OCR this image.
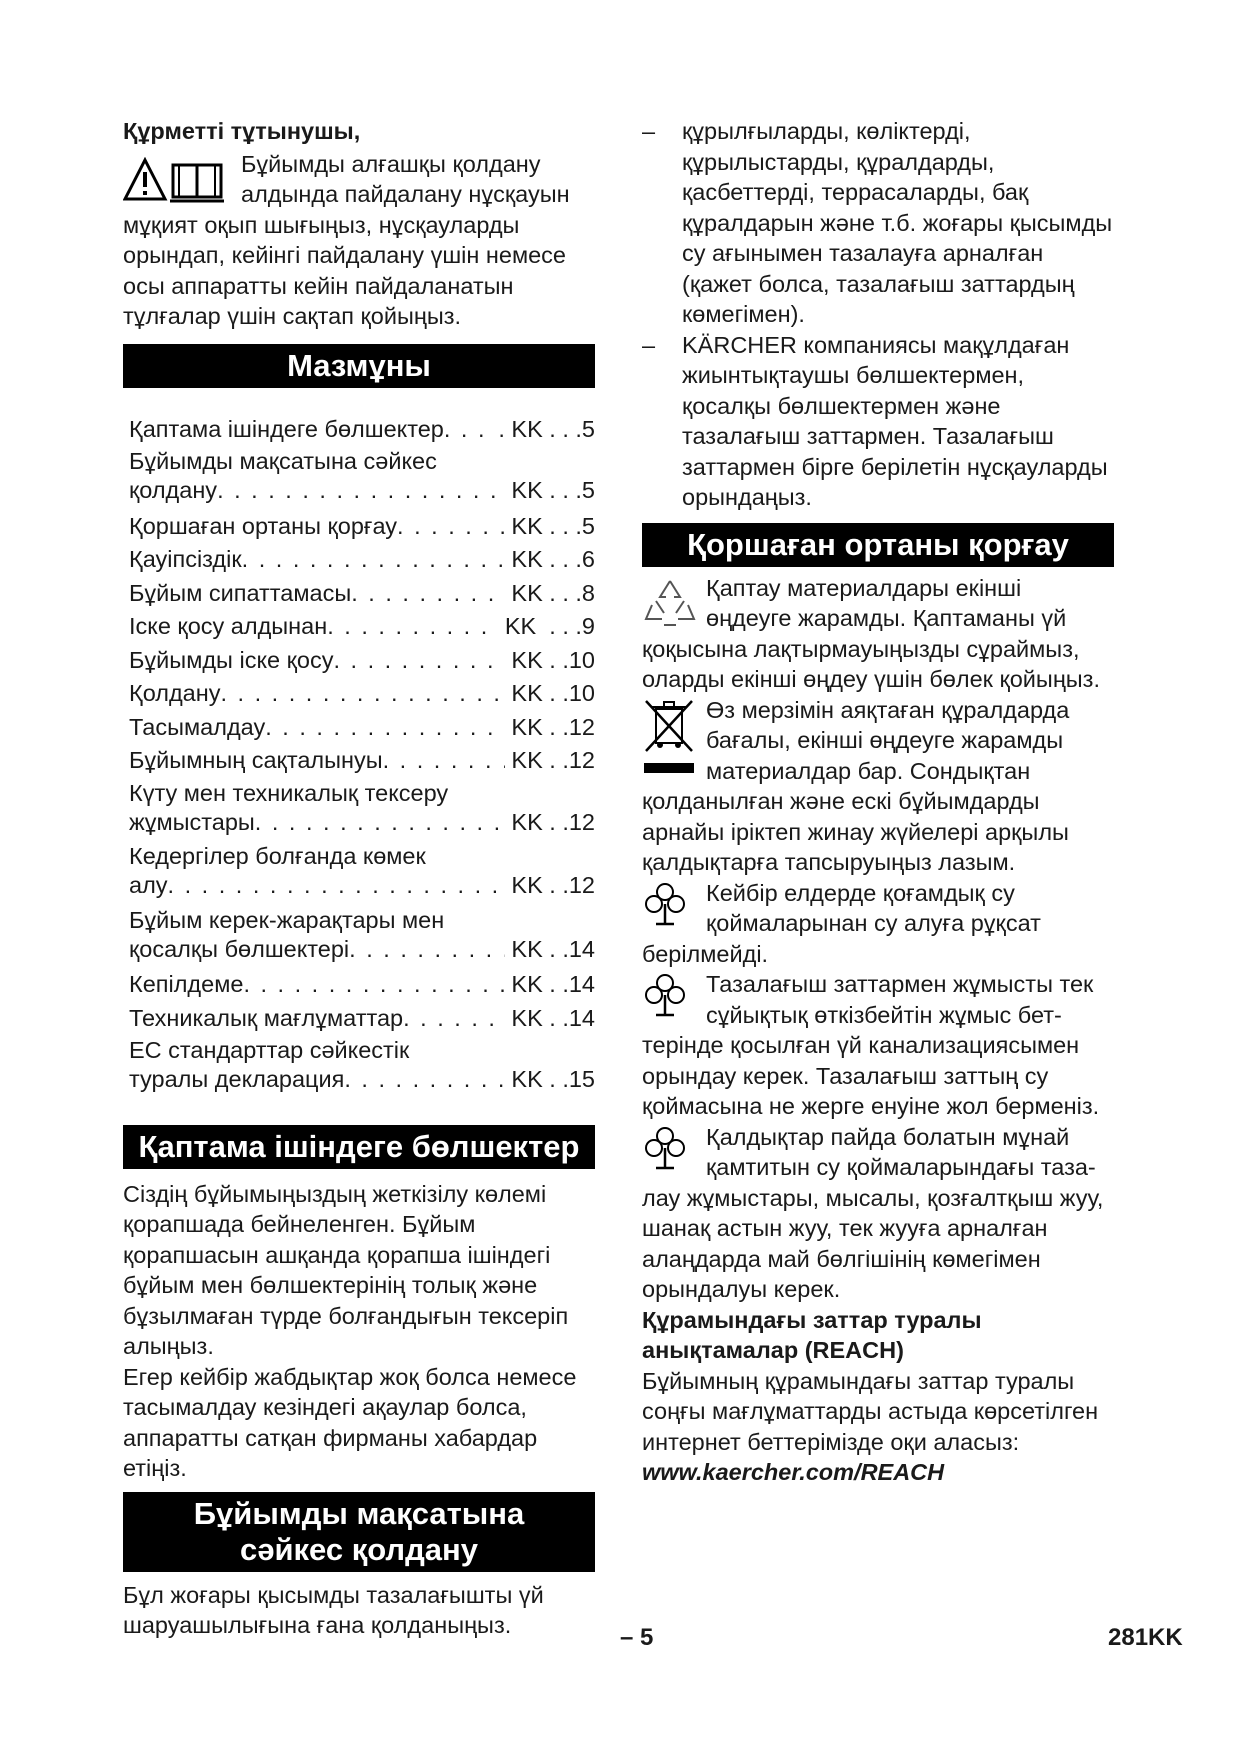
Құрметті тұтынушы,

Бұйымды алғашқы қолдану

алдында пайдалану нұсқауын

мұқият оқып шығыңыз, нұсқауларды орындап, кейінгі пайдалану үшін немесе осы аппаратты кейін пайдаланатын тұлғалар үшін сақтап қойыңыз.

Мазмұны
Қаптама ішіндеге бөлшектер . . . . KK . . .5
Бұйымды мақсатына сәйкес
қолдану . . .	KK . . .5
Қоршаған ортаны қорғау . . .	KK . . .5
Қауіпсіздік . . .	KK . . .6
Бұйым сипаттамасы . . .	KK . . .8
Іске қосу алдынан . . .	KK  . . .9
Бұйымды іске қосу . . .	KK . .10
Қолдану . . .	KK . .10
Тасымалдау . . .	KK . .12
Бұйымның сақталынуы . . .	KK . .12
Күту мен техникалық тексеру
жұмыстары . . .	KK . .12
Кедергілер болғанда көмек
алу . . .	KK . .12
Бұйым керек-жарақтары мен
қосалқы бөлшектері . . .	KK . .14
Кепілдеме . . .	KK . .14
Техникалық мағлұматтар . . .	KK . .14
ЕС стандарттар сәйкестік
туралы декларация . . .	KK . .15
Қаптама ішіндеге бөлшектер

Сіздің бұйымыңыздың жеткізілу көлемі қорапшада бейнеленген. Бұйым қорапшасын ашқанда қорапша ішіндегі бұйым мен бөлшектерінің толық және бұзылмаған түрде болғандығын тексеріп алыңыз.

Егер кейбір жабдықтар жоқ болса немесе тасымалдау кезіндегі ақаулар болса, аппаратты сатқан фирманы хабардар етіңіз.

Бұйымды мақсатына
сәйкес қолдану

Бұл жоғары қысымды тазалағышты үй шаруашылығына ғана қолданыңыз.

– құрылғыларды, көліктерді, құрылыстарды, құралдарды, қасбеттерді, террасаларды, бақ құралдарын және т.б. жоғары қысымды су ағынымен тазалауға арналған (қажет болса, тазалағыш заттардың көмегімен).

– KÄRCHER компаниясы мақұлдаған жиынтықтаушы бөлшектермен, қосалқы бөлшектермен және тазалағыш заттармен. Тазалағыш заттармен бірге берілетін нұсқауларды орындаңыз.

Қоршаған ортаны қорғау

Қаптау материалдары екінші

өңдеуге жарамды. Қаптаманы үй

қоқысына лақтырмауыңызды сұраймыз, оларды екінші өңдеу үшін бөлек қойыңыз.

Өз мерзімін аяқтаған құралдарда

бағалы, екінші өңдеуге жарамды

материалдар бар. Сондықтан

қолданылған және ескі бұйымдарды арнайы іріктеп жинау жүйелері арқылы қалдықтарға тапсыруыңыз лазым.

Кейбір елдерде қоғамдық су

қоймаларынан су алуға рұқсат

берілмейді.

Тазалағыш заттармен жұмысты тек

сұйықтық өткізбейтін жұмыс бет-

терінде қосылған үй канализациясымен орындау керек. Тазалағыш заттың су қоймасына не жерге енуіне жол берменіз.

Қалдықтар пайда болатын мұнай

қамтитын су қоймаларындағы таза-

лау жұмыстары, мысалы, қозғалтқыш жуу, шанақ астын жуу, тек жууға арналған алаңдарда май бөлгішінің көмегімен орындалуы керек.

Құрамындағы заттар туралы анықтамалар (REACH)

Бұйымның құрамындағы заттар туралы соңғы мағлұматтарды астыда көрсетілген интернет беттерімізде оқи аласыз:

www.kaercher.com/REACH

– 5	281KK
